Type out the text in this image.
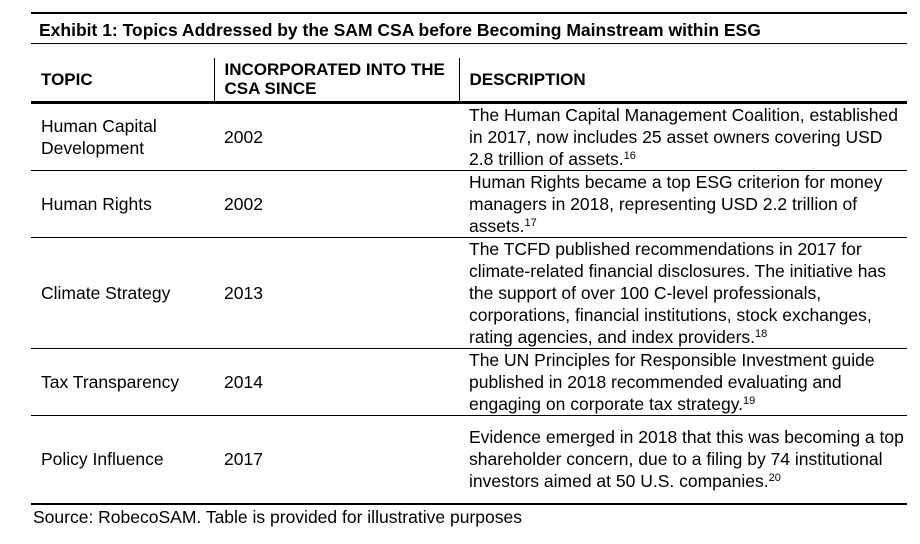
Exhibit 1: Topics Addressed by the SAM CSA before Becoming Mainstream within ESG
TOPIC	INCORPORATED INTO THE CSA SINCE	DESCRIPTION
Human Capital Development	2002	The Human Capital Management Coalition, established in 2017, now includes 25 asset owners covering USD 2.8 trillion of assets.$^{16}$
Human Rights	2002	Human Rights became a top ESG criterion for money managers in 2018, representing USD 2.2 trillion of assets.$^{17}$
Climate Strategy	2013	The TCFD published recommendations in 2017 for climate-related financial disclosures. The initiative has the support of over 100 C-level professionals, corporations, financial institutions, stock exchanges, rating agencies, and index providers.$^{18}$
Tax Transparency	2014	The UN Principles for Responsible Investment guide published in 2018 recommended evaluating and engaging on corporate tax strategy.$^{19}$
Policy Influence	2017	Evidence emerged in 2018 that this was becoming a top shareholder concern, due to a filing by 74 institutional investors aimed at 50 U.S. companies.$^{20}$
Source: RobecoSAM. Table is provided for illustrative purposes
